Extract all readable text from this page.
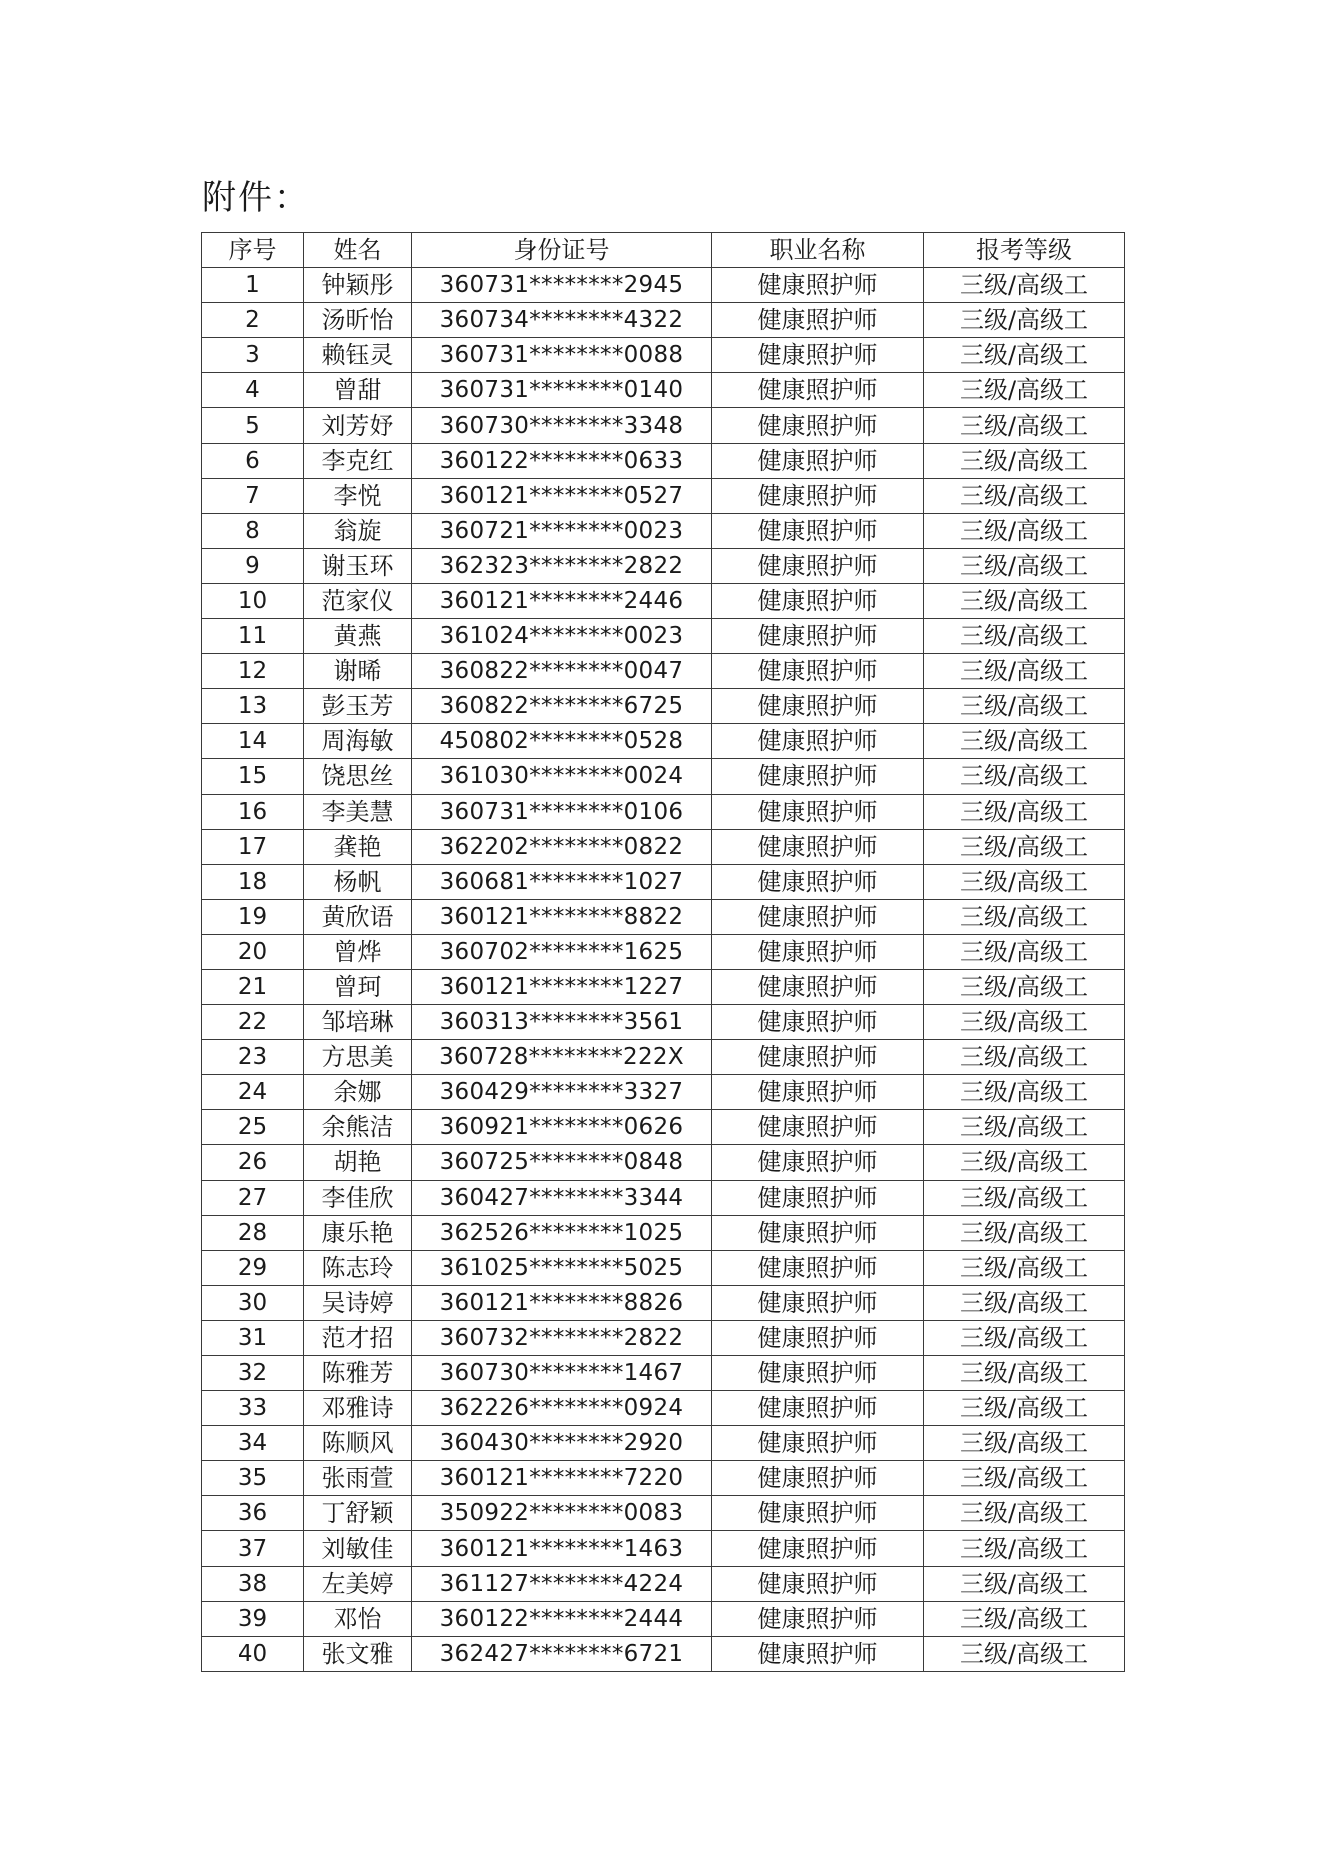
附件：
序号	姓名	身份证号	职业名称	报考等级
1	钟颖彤	360731********2945	健康照护师	三级/高级工
2	汤昕怡	360734********4322	健康照护师	三级/高级工
3	赖钰灵	360731********0088	健康照护师	三级/高级工
4	曾甜	360731********0140	健康照护师	三级/高级工
5	刘芳妤	360730********3348	健康照护师	三级/高级工
6	李克红	360122********0633	健康照护师	三级/高级工
7	李悦	360121********0527	健康照护师	三级/高级工
8	翁旋	360721********0023	健康照护师	三级/高级工
9	谢玉环	362323********2822	健康照护师	三级/高级工
10	范家仪	360121********2446	健康照护师	三级/高级工
11	黄燕	361024********0023	健康照护师	三级/高级工
12	谢晞	360822********0047	健康照护师	三级/高级工
13	彭玉芳	360822********6725	健康照护师	三级/高级工
14	周海敏	450802********0528	健康照护师	三级/高级工
15	饶思丝	361030********0024	健康照护师	三级/高级工
16	李美慧	360731********0106	健康照护师	三级/高级工
17	龚艳	362202********0822	健康照护师	三级/高级工
18	杨帆	360681********1027	健康照护师	三级/高级工
19	黄欣语	360121********8822	健康照护师	三级/高级工
20	曾烨	360702********1625	健康照护师	三级/高级工
21	曾珂	360121********1227	健康照护师	三级/高级工
22	邹培琳	360313********3561	健康照护师	三级/高级工
23	方思美	360728********222X	健康照护师	三级/高级工
24	余娜	360429********3327	健康照护师	三级/高级工
25	余熊洁	360921********0626	健康照护师	三级/高级工
26	胡艳	360725********0848	健康照护师	三级/高级工
27	李佳欣	360427********3344	健康照护师	三级/高级工
28	康乐艳	362526********1025	健康照护师	三级/高级工
29	陈志玲	361025********5025	健康照护师	三级/高级工
30	吴诗婷	360121********8826	健康照护师	三级/高级工
31	范才招	360732********2822	健康照护师	三级/高级工
32	陈雅芳	360730********1467	健康照护师	三级/高级工
33	邓雅诗	362226********0924	健康照护师	三级/高级工
34	陈顺风	360430********2920	健康照护师	三级/高级工
35	张雨萱	360121********7220	健康照护师	三级/高级工
36	丁舒颖	350922********0083	健康照护师	三级/高级工
37	刘敏佳	360121********1463	健康照护师	三级/高级工
38	左美婷	361127********4224	健康照护师	三级/高级工
39	邓怡	360122********2444	健康照护师	三级/高级工
40	张文雅	362427********6721	健康照护师	三级/高级工
